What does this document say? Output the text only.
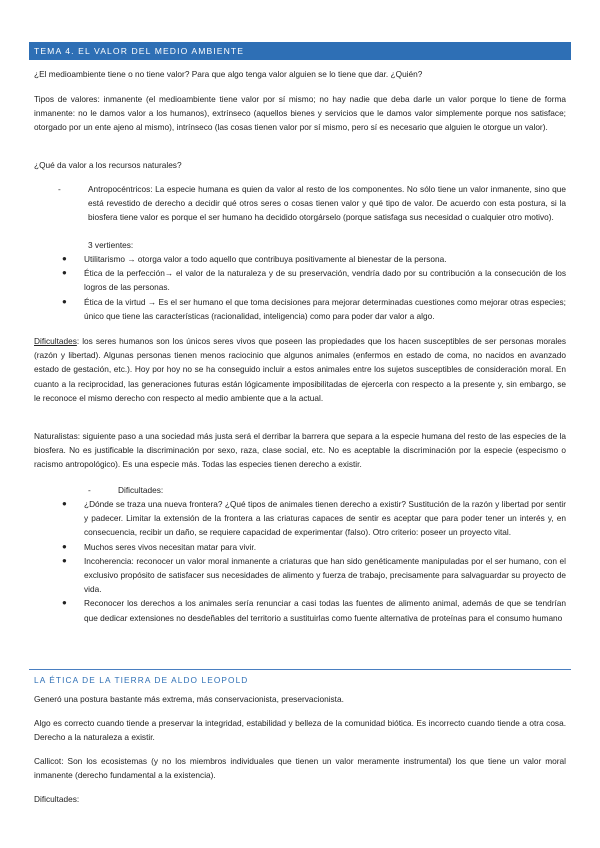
TEMA 4. EL VALOR DEL MEDIO AMBIENTE
¿El medioambiente tiene o no tiene valor? Para que algo tenga valor alguien se lo tiene que dar. ¿Quién?
Tipos de valores: inmanente (el medioambiente tiene valor por sí mismo; no hay nadie que deba darle un valor porque lo tiene de forma inmanente: no le damos valor a los humanos), extrínseco (aquellos bienes y servicios que le damos valor simplemente porque nos satisface; otorgado por un ente ajeno al mismo), intrínseco (las cosas tienen valor por sí mismo, pero sí es necesario que alguien le otorgue un valor).
¿Qué da valor a los recursos naturales?
-	Antropocéntricos: La especie humana es quien da valor al resto de los componentes. No sólo tiene un valor inmanente, sino que está revestido de derecho a decidir qué otros seres o cosas tienen valor y qué tipo de valor. De acuerdo con esta postura, si la biosfera tiene valor es porque el ser humano ha decidido otorgárselo (porque satisfaga sus necesidad o cualquier otro motivo).
3 vertientes:
● Utilitarismo → otorga valor a todo aquello que contribuya positivamente al bienestar de la persona.
● Ética de la perfección→ el valor de la naturaleza y de su preservación, vendría dado por su contribución a la consecución de los logros de las personas.
● Ética de la virtud → Es el ser humano el que toma decisiones para mejorar determinadas cuestiones como mejorar otras especies; único que tiene las características (racionalidad, inteligencia) como para poder dar valor a algo.
Dificultades: los seres humanos son los únicos seres vivos que poseen las propiedades que los hacen susceptibles de ser personas morales (razón y libertad). Algunas personas tienen menos raciocinio que algunos animales (enfermos en estado de coma, no nacidos en avanzado estado de gestación, etc.). Hoy por hoy no se ha conseguido incluir a estos animales entre los sujetos susceptibles de consideración moral. En cuanto a la reciprocidad, las generaciones futuras están lógicamente imposibilitadas de ejercerla con respecto a la presente y, sin embargo, se le reconoce el mismo derecho con respecto al medio ambiente que a la actual.
Naturalistas: siguiente paso a una sociedad más justa será el derribar la barrera que separa a la especie humana del resto de las especies de la biosfera. No es justificable la discriminación por sexo, raza, clase social, etc. No es aceptable la discriminación por la especie (especismo o racismo antropológico). Es una especie más. Todas las especies tienen derecho a existir.
-	Dificultades:
● ¿Dónde se traza una nueva frontera? ¿Qué tipos de animales tienen derecho a existir? Sustitución de la razón y libertad por sentir y padecer. Limitar la extensión de la frontera a las criaturas capaces de sentir es aceptar que para poder tener un interés y, en consecuencia, recibir un daño, se requiere capacidad de experimentar (falso). Otro criterio: poseer un proyecto vital.
● Muchos seres vivos necesitan matar para vivir.
● Incoherencia: reconocer un valor moral inmanente a criaturas que han sido genéticamente manipuladas por el ser humano, con el exclusivo propósito de satisfacer sus necesidades de alimento y fuerza de trabajo, precisamente para salvaguardar su proyecto de vida.
● Reconocer los derechos a los animales sería renunciar a casi todas las fuentes de alimento animal, además de que se tendrían que dedicar extensiones no desdeñables del territorio a sustituirlas como fuente alternativa de proteínas para el consumo humano
LA ÉTICA DE LA TIERRA DE ALDO LEOPOLD
Generó una postura bastante más extrema, más conservacionista, preservacionista.
Algo es correcto cuando tiende a preservar la integridad, estabilidad y belleza de la comunidad biótica. Es incorrecto cuando tiende a otra cosa. Derecho a la naturaleza a existir.
Callicot: Son los ecosistemas (y no los miembros individuales que tienen un valor meramente instrumental) los que tiene un valor moral inmanente (derecho fundamental a la existencia).
Dificultades:
